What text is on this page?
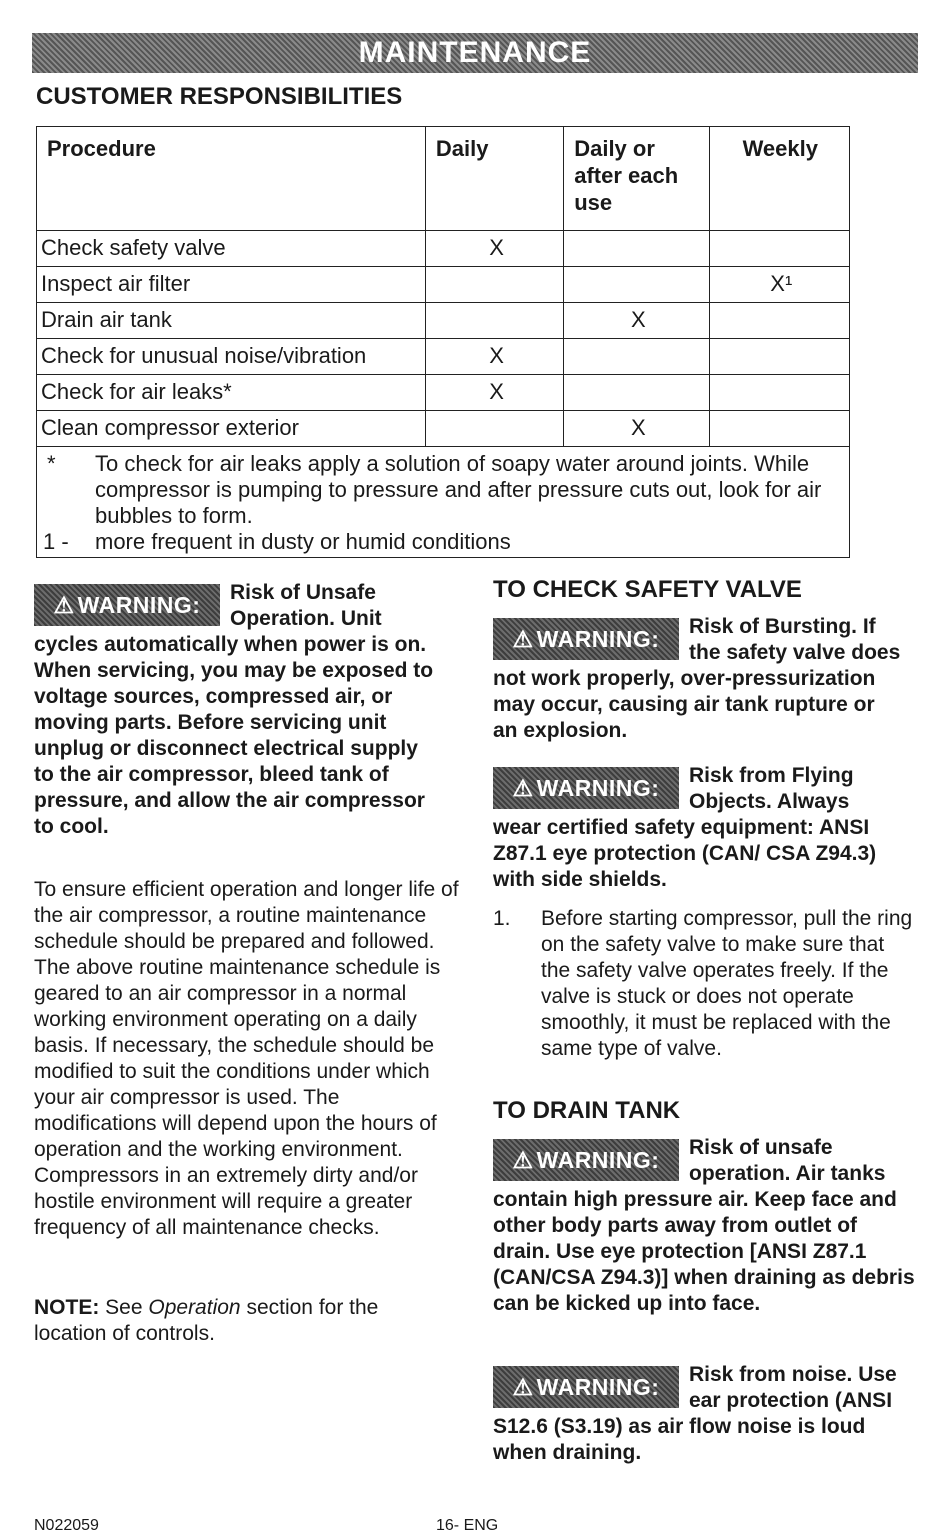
MAINTENANCE
CUSTOMER RESPONSIBILITIES
Procedure	Daily	Daily or after each use	Weekly
Check safety valve	X		
Inspect air filter			X¹
Drain air tank		X	
Check for unusual noise/vibration	X		
Check for air leaks*	X		
Clean compressor exterior		X	

* To check for air leaks apply a solution of soapy water around joints. While compressor is pumping to pressure and after pressure cuts out, look for air bubbles to form.
1 - more frequent in dusty or humid conditions			
⚠ WARNING: Risk of Unsafe Operation. Unit cycles automatically when power is on. When servicing, you may be exposed to voltage sources, compressed air, or moving parts. Before servicing unit unplug or disconnect electrical supply to the air compressor, bleed tank of pressure, and allow the air compressor to cool.
To ensure efficient operation and longer life of the air compressor, a routine maintenance schedule should be prepared and followed. The above routine maintenance schedule is geared to an air compressor in a normal working environment operating on a daily basis. If necessary, the schedule should be modified to suit the conditions under which your air compressor is used. The modifications will depend upon the hours of operation and the working environment. Compressors in an extremely dirty and/or hostile environment will require a greater frequency of all maintenance checks.
NOTE: See Operation section for the location of controls.
TO CHECK SAFETY VALVE
⚠ WARNING: Risk of Bursting. If the safety valve does not work properly, over-pressurization may occur, causing air tank rupture or an explosion.
⚠ WARNING: Risk from Flying Objects. Always wear certified safety equipment: ANSI Z87.1 eye protection (CAN/ CSA Z94.3) with side shields.
1.	Before starting compressor, pull the ring on the safety valve to make sure that the safety valve operates freely. If the valve is stuck or does not operate smoothly, it must be replaced with the same type of valve.
TO DRAIN TANK
⚠ WARNING: Risk of unsafe operation. Air tanks contain high pressure air. Keep face and other body parts away from outlet of drain. Use eye protection [ANSI Z87.1 (CAN/CSA Z94.3)] when draining as debris can be kicked up into face.
⚠ WARNING: Risk from noise. Use ear protection (ANSI S12.6 (S3.19) as air flow noise is loud when draining.
N022059	16- ENG
